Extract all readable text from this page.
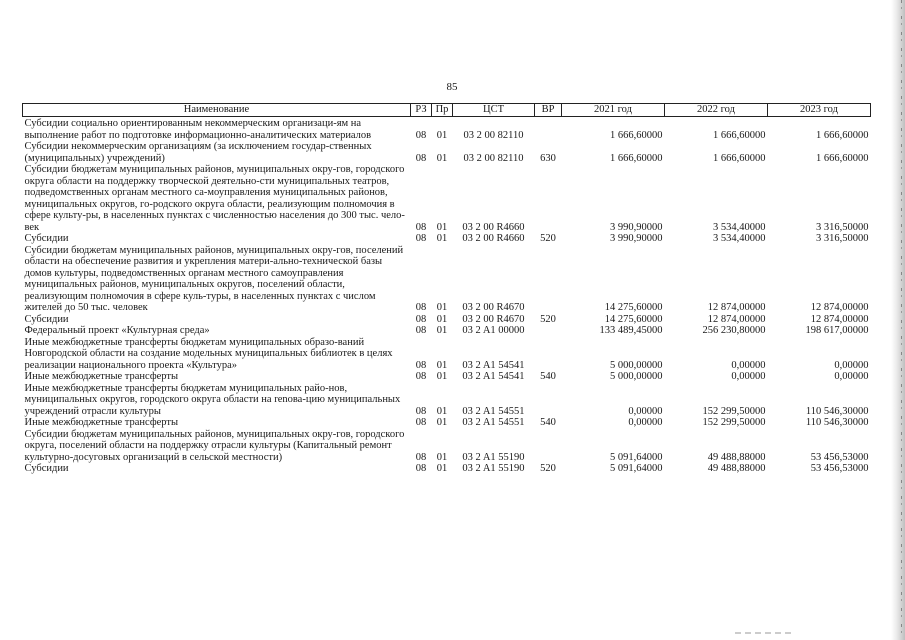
85
Наименование	РЗ	Пр	ЦСТ	ВР	2021 год	2022 год	2023 год
Субсидии социально ориентированным некоммерческим организаци-ям на выполнение работ по подготовке информационно-аналитических материалов	08	01	03 2 00 82110		1 666,60000	1 666,60000	1 666,60000
Субсидии некоммерческим организациям (за исключением государ-ственных (муниципальных) учреждений)	08	01	03 2 00 82110	630	1 666,60000	1 666,60000	1 666,60000
Субсидии бюджетам муниципальных районов, муниципальных окру-гов, городского округа области на поддержку творческой деятельно-сти муниципальных театров, подведомственных органам местного са-моуправления муниципальных районов, муниципальных округов, го-родского округа области, реализующим полномочия в сфере культу-ры, в населенных пунктах с численностью населения до 300 тыс. чело-век	08	01	03 2 00 R4660		3 990,90000	3 534,40000	3 316,50000
Субсидии	08	01	03 2 00 R4660	520	3 990,90000	3 534,40000	3 316,50000
Субсидии бюджетам муниципальных районов, муниципальных окру-гов, поселений области на обеспечение развития и укрепления матери-ально-технической базы домов культуры, подведомственных органам местного самоуправления муниципальных районов, муниципальных округов, поселений области, реализующим полномочия в сфере куль-туры, в населенных пунктах с числом жителей до 50 тыс. человек	08	01	03 2 00 R4670		14 275,60000	12 874,00000	12 874,00000
Субсидии	08	01	03 2 00 R4670	520	14 275,60000	12 874,00000	12 874,00000
Федеральный проект «Культурная среда»	08	01	03 2 A1 00000		133 489,45000	256 230,80000	198 617,00000
Иные межбюджетные трансферты бюджетам муниципальных образо-ваний Новгородской области на создание модельных муниципальных библиотек в целях реализации национального проекта «Культура»	08	01	03 2 A1 54541		5 000,00000	0,00000	0,00000
Иные межбюджетные трансферты	08	01	03 2 A1 54541	540	5 000,00000	0,00000	0,00000
Иные межбюджетные трансферты бюджетам муниципальных райо-нов, муниципальных округов, городского округа области на renова-цию муниципальных учреждений отрасли культуры	08	01	03 2 A1 54551		0,00000	152 299,50000	110 546,30000
Иные межбюджетные трансферты	08	01	03 2 A1 54551	540	0,00000	152 299,50000	110 546,30000
Субсидии бюджетам муниципальных районов, муниципальных окру-гов, городского округа, поселений области на поддержку отрасли культуры (Капитальный ремонт культурно-досуговых организаций в сельской местности)	08	01	03 2 A1 55190		5 091,64000	49 488,88000	53 456,53000
Субсидии	08	01	03 2 A1 55190	520	5 091,64000	49 488,88000	53 456,53000
